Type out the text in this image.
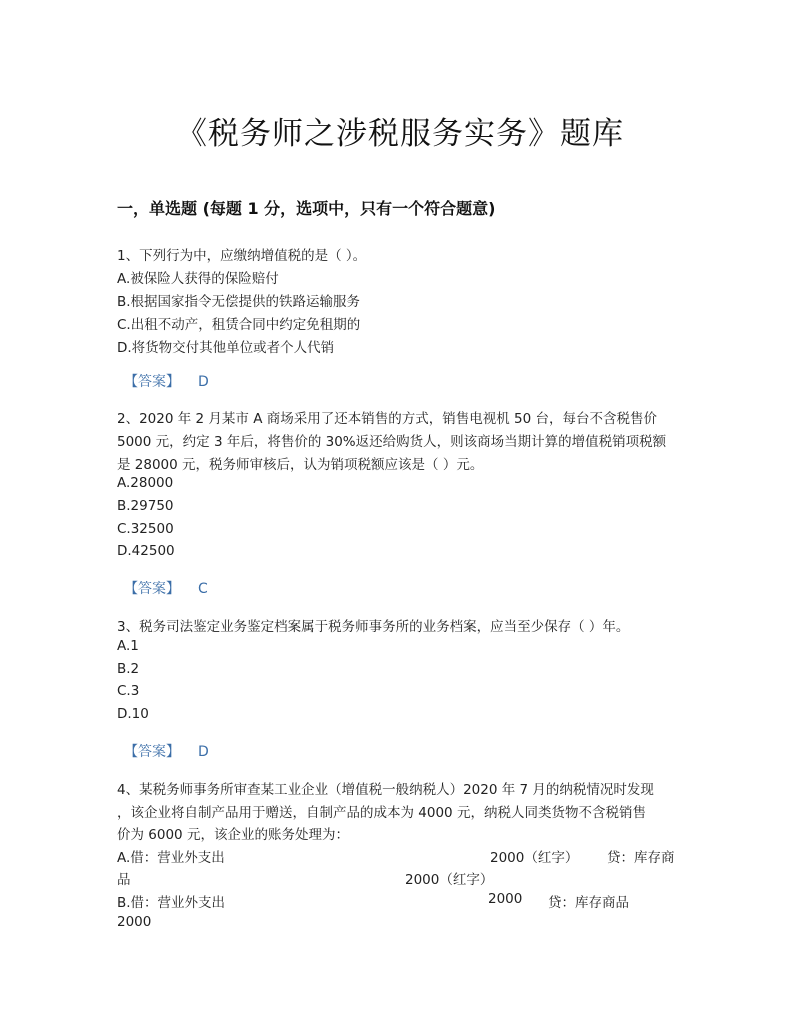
《税务师之涉税服务实务》题库
一，单选题 (每题 1 分，选项中，只有一个符合题意)
1、下列行为中，应缴纳增值税的是（ ）。
A.被保险人获得的保险赔付
B.根据国家指令无偿提供的铁路运输服务
C.出租不动产，租赁合同中约定免租期的
D.将货物交付其他单位或者个人代销
【答案】 D
2、2020 年 2 月某市 A 商场采用了还本销售的方式，销售电视机 50 台，每台不含税售价
5000 元，约定 3 年后，将售价的 30%返还给购货人，则该商场当期计算的增值税销项税额
是 28000 元，税务师审核后，认为销项税额应该是（ ）元。
A.28000
B.29750
C.32500
D.42500
【答案】 C
3、税务司法鉴定业务鉴定档案属于税务师事务所的业务档案，应当至少保存（ ）年。
A.1
B.2
C.3
D.10
【答案】 D
4、某税务师事务所审查某工业企业（增值税一般纳税人）2020 年 7 月的纳税情况时发现
，该企业将自制产品用于赠送，自制产品的成本为 4000 元，纳税人同类货物不含税销售
价为 6000 元，该企业的账务处理为：
A.借：营业外支出	2000（红字） 贷：库存商
品	2000（红字）
B.借：营业外支出	2000 贷：库存商品
2000
